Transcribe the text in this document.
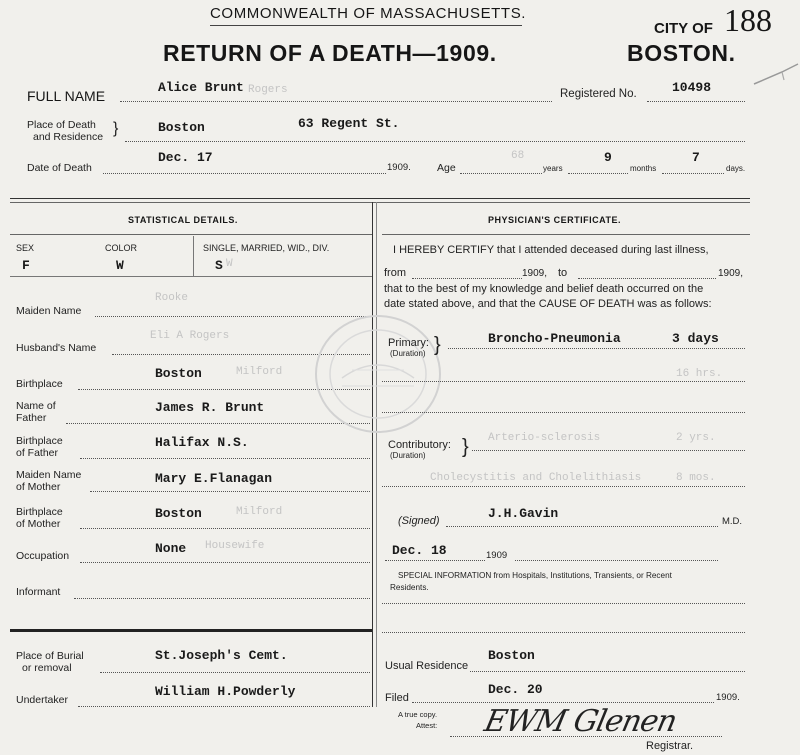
COMMONWEALTH OF MASSACHUSETTS.
RETURN OF A DEATH—1909.
CITY OF 188
BOSTON.
FULL NAME
Alice Brunt Rogers	Registered No.	10498
Place of Death
and Residence }	Boston	63 Regent St.
Date of Death
Dec. 17
1909. Age
68
years
9
months
7
days.
STATISTICAL DETAILS.
SEX	COLOR	SINGLE, MARRIED, WID., DIV.
F	W	S W
Maiden Name
Rooke
Husband's Name
Eli A Rogers
Birthplace
Boston	Milford
Name of
Father
James R. Brunt
Birthplace
of Father
Halifax N.S.
Maiden Name
of Mother
Mary E.Flanagan
Birthplace
of Mother
Boston	Milford
Occupation	None Housewife
Informant
PHYSICIAN'S CERTIFICATE.
I HEREBY CERTIFY that I attended deceased during last illness,
from	1909, to	1909,
that to the best of my knowledge and belief death occurred on the
date stated above, and that the CAUSE OF DEATH was as follows:
Primary:
(Duration) }	Broncho-Pneumonia	3 days
16 hrs.
Contributory:
(Duration) } Arterio-sclerosis	2 yrs.
Cholecystitis and Cholelithiasis	8 mos.
(Signed)	J.H.Gavin
M.D.
Dec. 18	1909
SPECIAL INFORMATION from Hospitals, Institutions, Transients, or Recent
Residents.
Place of Burial
or removal
St.Joseph's Cemt.
Undertaker
William H.Powderly
Usual Residence
Boston
Filed
Dec. 20
1909.
A true copy.
Attest: EWM Glenen
Registrar.
